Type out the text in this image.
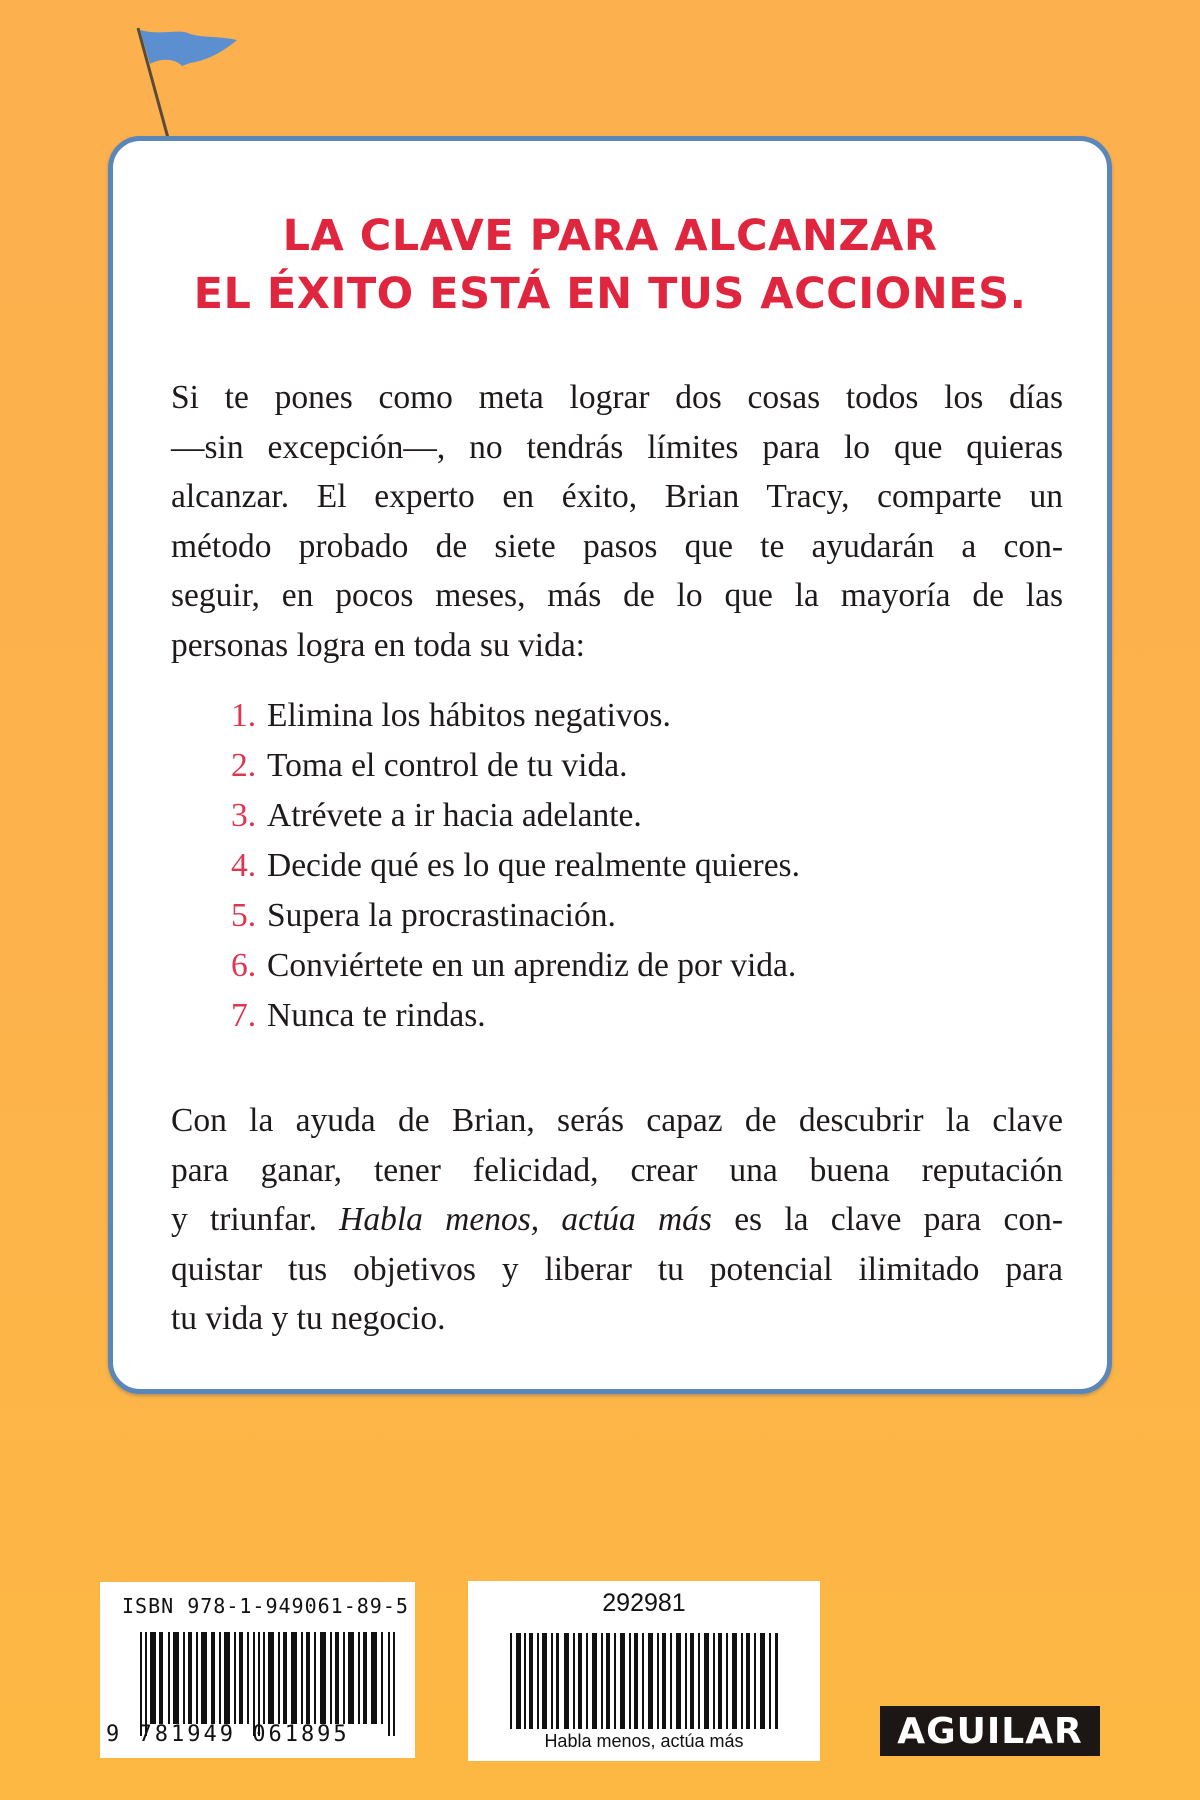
LA CLAVE PARA ALCANZAR
EL ÉXITO ESTÁ EN TUS ACCIONES.
Si te pones como meta lograr dos cosas todos los días
—sin excepción—, no tendrás límites para lo que quieras
alcanzar. El experto en éxito, Brian Tracy, comparte un
método probado de siete pasos que te ayudarán a con-
seguir, en pocos meses, más de lo que la mayoría de las
personas logra en toda su vida:
1. Elimina los hábitos negativos.
2. Toma el control de tu vida.
3. Atrévete a ir hacia adelante.
4. Decide qué es lo que realmente quieres.
5. Supera la procrastinación.
6. Conviértete en un aprendiz de por vida.
7. Nunca te rindas.
Con la ayuda de Brian, serás capaz de descubrir la clave
para ganar, tener felicidad, crear una buena reputación
y triunfar. Habla menos, actúa más es la clave para con-
quistar tus objetivos y liberar tu potencial ilimitado para
tu vida y tu negocio.
ISBN 978-1-949061-89-5
9 781949 061895
292981
Habla menos, actúa más	AGUILAR
